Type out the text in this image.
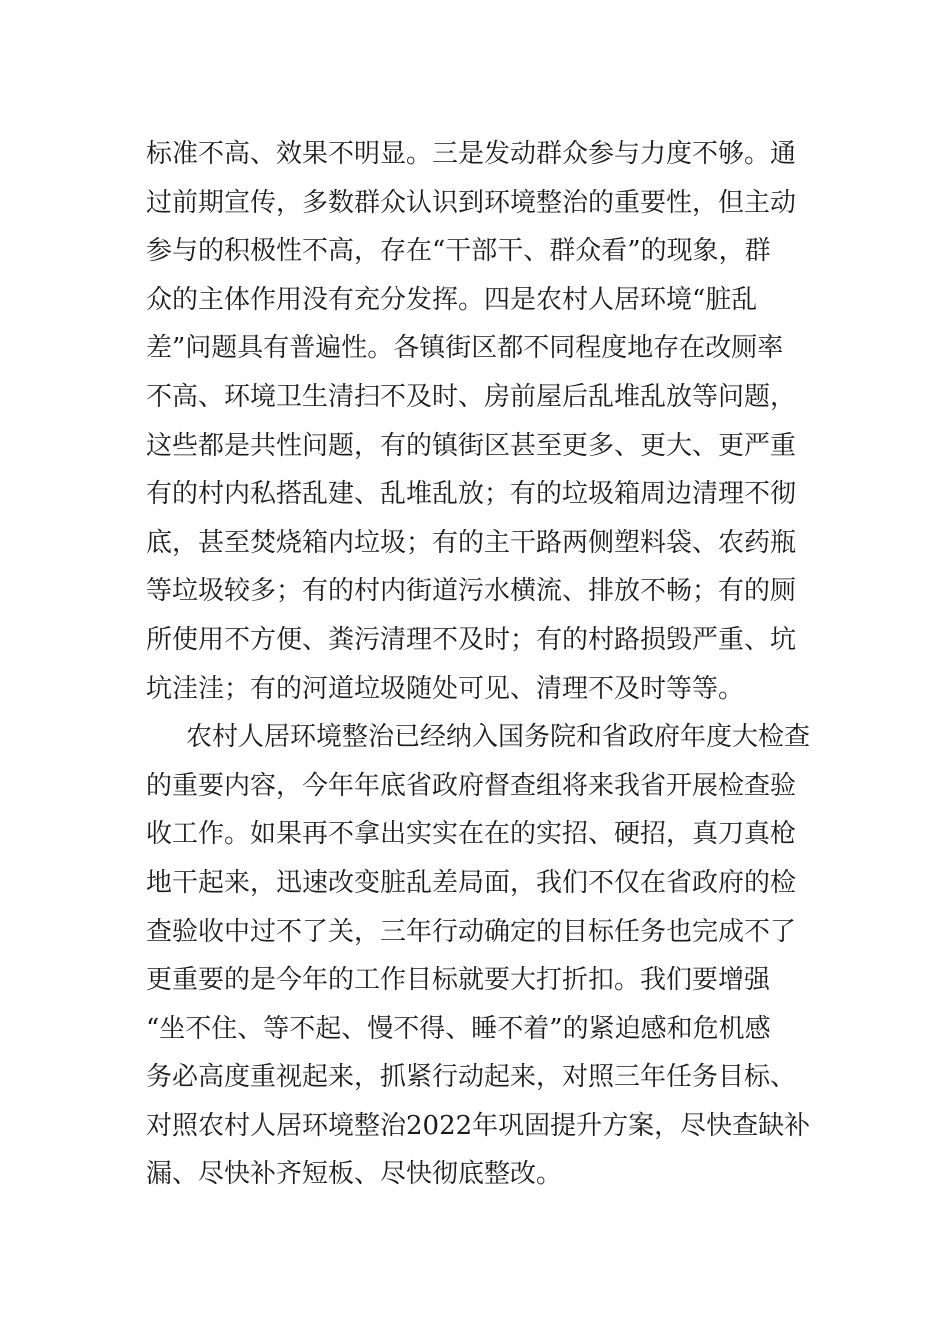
标准不高、效果不明显。三是发动群众参与力度不够。通
过前期宣传，多数群众认识到环境整治的重要性，但主动
参与的积极性不高，存在“干部干、群众看”的现象，群
众的主体作用没有充分发挥。四是农村人居环境“脏乱
差”问题具有普遍性。各镇街区都不同程度地存在改厕率
不高、环境卫生清扫不及时、房前屋后乱堆乱放等问题，
这些都是共性问题，有的镇街区甚至更多、更大、更严重
有的村内私搭乱建、乱堆乱放；有的垃圾箱周边清理不彻
底，甚至焚烧箱内垃圾；有的主干路两侧塑料袋、农药瓶
等垃圾较多；有的村内街道污水横流、排放不畅；有的厕
所使用不方便、粪污清理不及时；有的村路损毁严重、坑
坑洼洼；有的河道垃圾随处可见、清理不及时等等。
农村人居环境整治已经纳入国务院和省政府年度大检查
的重要内容，今年年底省政府督查组将来我省开展检查验
收工作。如果再不拿出实实在在的实招、硬招，真刀真枪
地干起来，迅速改变脏乱差局面，我们不仅在省政府的检
查验收中过不了关，三年行动确定的目标任务也完成不了
更重要的是今年的工作目标就要大打折扣。我们要增强
“坐不住、等不起、慢不得、睡不着”的紧迫感和危机感
务必高度重视起来，抓紧行动起来，对照三年任务目标、
对照农村人居环境整治2022年巩固提升方案，尽快查缺补
漏、尽快补齐短板、尽快彻底整改。
